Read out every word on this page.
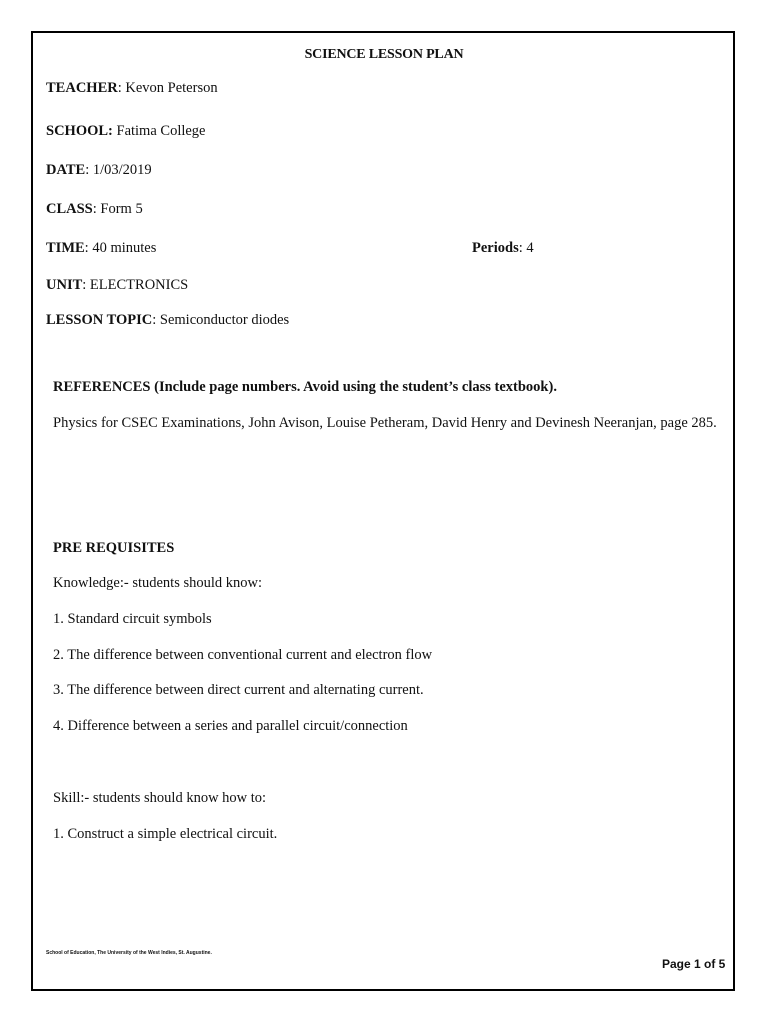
SCIENCE LESSON PLAN
TEACHER: Kevon Peterson
SCHOOL: Fatima College
DATE: 1/03/2019
CLASS: Form 5
TIME: 40 minutes	Periods: 4
UNIT: ELECTRONICS
LESSON TOPIC: Semiconductor diodes
REFERENCES (Include page numbers. Avoid using the student’s class textbook).
Physics for CSEC Examinations, John Avison, Louise Petheram, David Henry and Devinesh Neeranjan, page 285.
PRE REQUISITES
Knowledge:- students should know:
1. Standard circuit symbols
2. The difference between conventional current and electron flow
3. The difference between direct current and alternating current.
4. Difference between a series and parallel circuit/connection
Skill:- students should know how to:
1. Construct a simple electrical circuit.
School of Education, The University of the West Indies, St. Augustine.
Page 1 of 5
